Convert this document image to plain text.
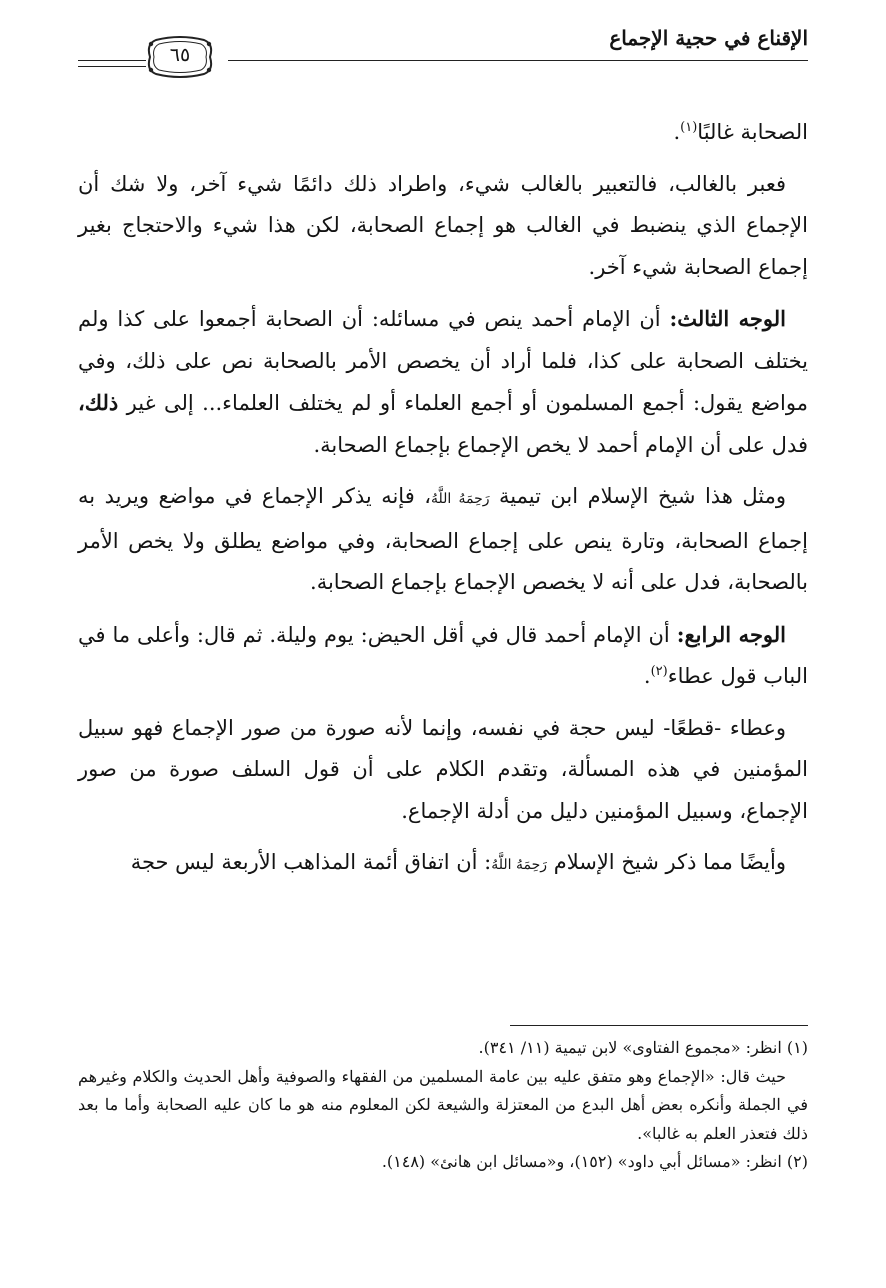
الإقناع في حجية الإجماع
٦٥

الصحابة غالبًا$^{(١)}$.

فعبر بالغالب، فالتعبير بالغالب شيء، واطراد ذلك دائمًا شيء آخر، ولا شك أن الإجماع الذي ينضبط في الغالب هو إجماع الصحابة، لكن هذا شيء والاحتجاج بغير إجماع الصحابة شيء آخر.

الوجه الثالث: أن الإمام أحمد ينص في مسائله: أن الصحابة أجمعوا على كذا ولم يختلف الصحابة على كذا، فلما أراد أن يخصص الأمر بالصحابة نص على ذلك، وفي مواضع يقول: أجمع المسلمون أو أجمع العلماء أو لم يختلف العلماء... إلى غير ذلك، فدل على أن الإمام أحمد لا يخص الإجماع بإجماع الصحابة.

ومثل هذا شيخ الإسلام ابن تيمية رَحِمَهُ اللَّهُ، فإنه يذكر الإجماع في مواضع ويريد به إجماع الصحابة، وتارة ينص على إجماع الصحابة، وفي مواضع يطلق ولا يخص الأمر بالصحابة، فدل على أنه لا يخصص الإجماع بإجماع الصحابة.

الوجه الرابع: أن الإمام أحمد قال في أقل الحيض: يوم وليلة. ثم قال: وأعلى ما في الباب قول عطاء$^{(٢)}$.

وعطاء -قطعًا- ليس حجة في نفسه، وإنما لأنه صورة من صور الإجماع فهو سبيل المؤمنين في هذه المسألة، وتقدم الكلام على أن قول السلف صورة من صور الإجماع، وسبيل المؤمنين دليل من أدلة الإجماع.

وأيضًا مما ذكر شيخ الإسلام رَحِمَهُ اللَّهُ: أن اتفاق أئمة المذاهب الأربعة ليس حجة

(١) انظر: «مجموع الفتاوى» لابن تيمية (١١/ ٣٤١).

حيث قال: «الإجماع وهو متفق عليه بين عامة المسلمين من الفقهاء والصوفية وأهل الحديث والكلام وغيرهم في الجملة وأنكره بعض أهل البدع من المعتزلة والشيعة لكن المعلوم منه هو ما كان عليه الصحابة وأما ما بعد ذلك فتعذر العلم به غالبا».

(٢) انظر: «مسائل أبي داود» (١٥٢)، و«مسائل ابن هانئ» (١٤٨).
